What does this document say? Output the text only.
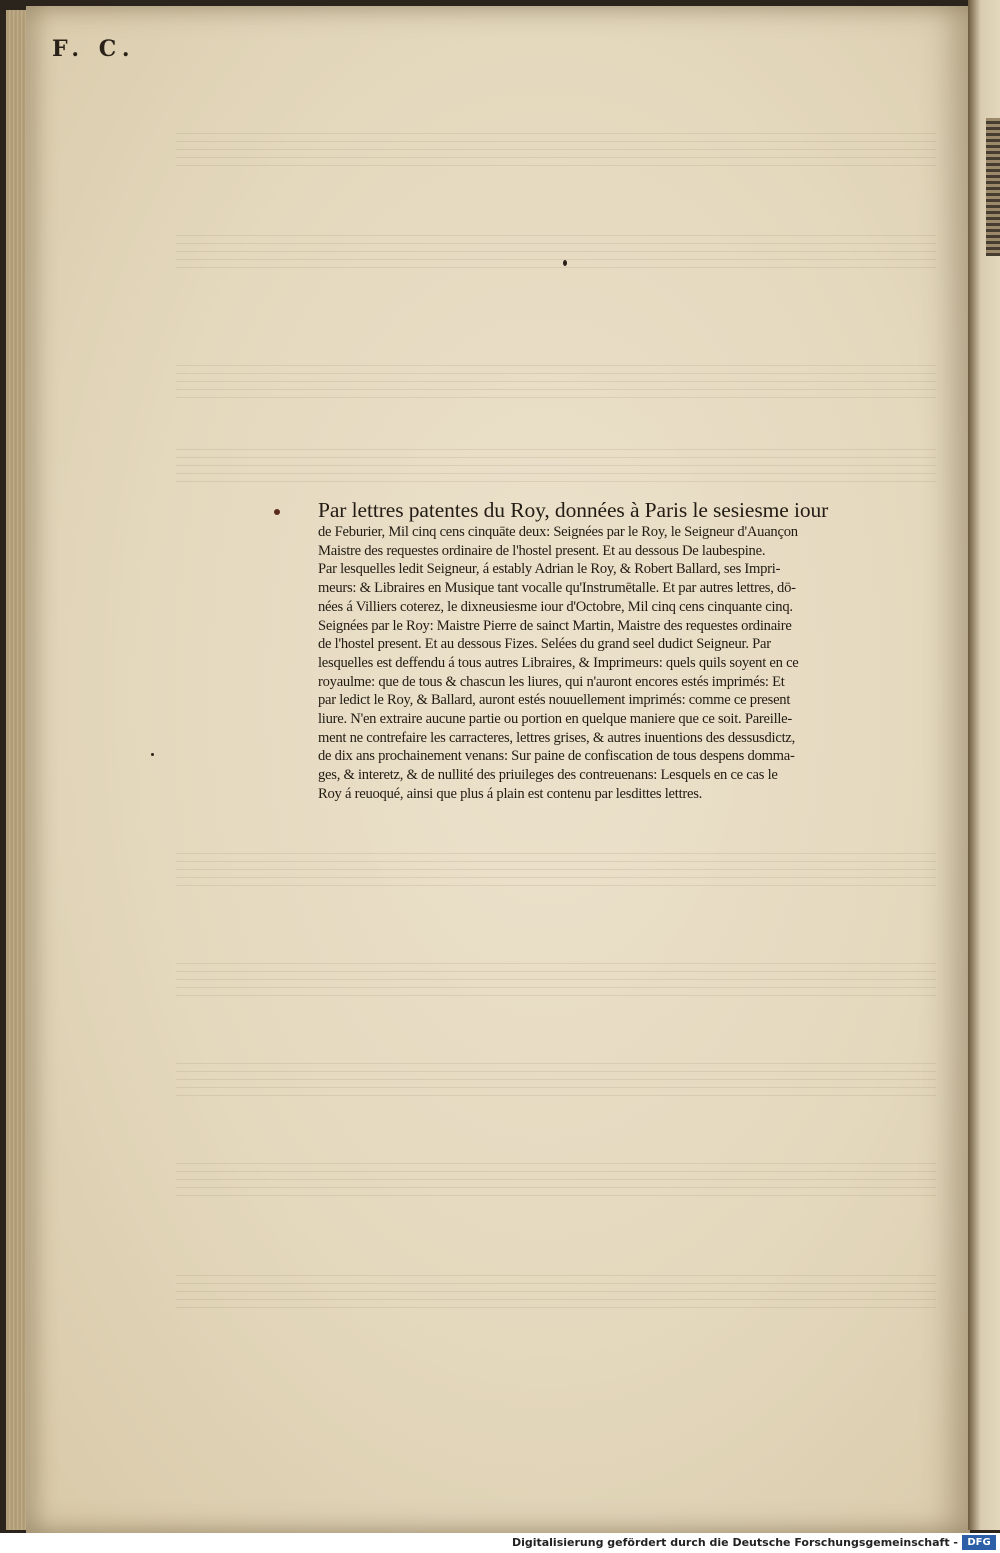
F. C.
Par lettres patentes du Roy, données à Paris le sesiesme iour
de Feburier, Mil cinq cens cinquāte deux: Seignées par le Roy, le Seigneur d'Auançon
Maistre des requestes ordinaire de l'hostel present. Et au dessous De laubespine.
Par lesquelles ledit Seigneur, á estably Adrian le Roy, & Robert Ballard, ses Impri-
meurs: & Libraires en Musique tant vocalle qu'Instrumētalle. Et par autres lettres, dō-
nées á Villiers coterez, le dixneusiesme iour d'Octobre, Mil cinq cens cinquante cinq.
Seignées par le Roy: Maistre Pierre de sainct Martin, Maistre des requestes ordinaire
de l'hostel present. Et au dessous Fizes. Selées du grand seel dudict Seigneur. Par
lesquelles est deffendu á tous autres Libraires, & Imprimeurs: quels quils soyent en ce
royaulme: que de tous & chascun les liures, qui n'auront encores estés imprimés: Et
par ledict le Roy, & Ballard, auront estés nouuellement imprimés: comme ce present
liure. N'en extraire aucune partie ou portion en quelque maniere que ce soit. Pareille-
ment ne contrefaire les carracteres, lettres grises, & autres inuentions des dessusdictz,
de dix ans prochainement venans: Sur paine de confiscation de tous despens domma-
ges, & interetz, & de nullité des priuileges des contreuenans: Lesquels en ce cas le
Roy á reuoqué, ainsi que plus á plain est contenu par lesdittes lettres.
Digitalisierung gefördert durch die Deutsche Forschungsgemeinschaft - DFG
